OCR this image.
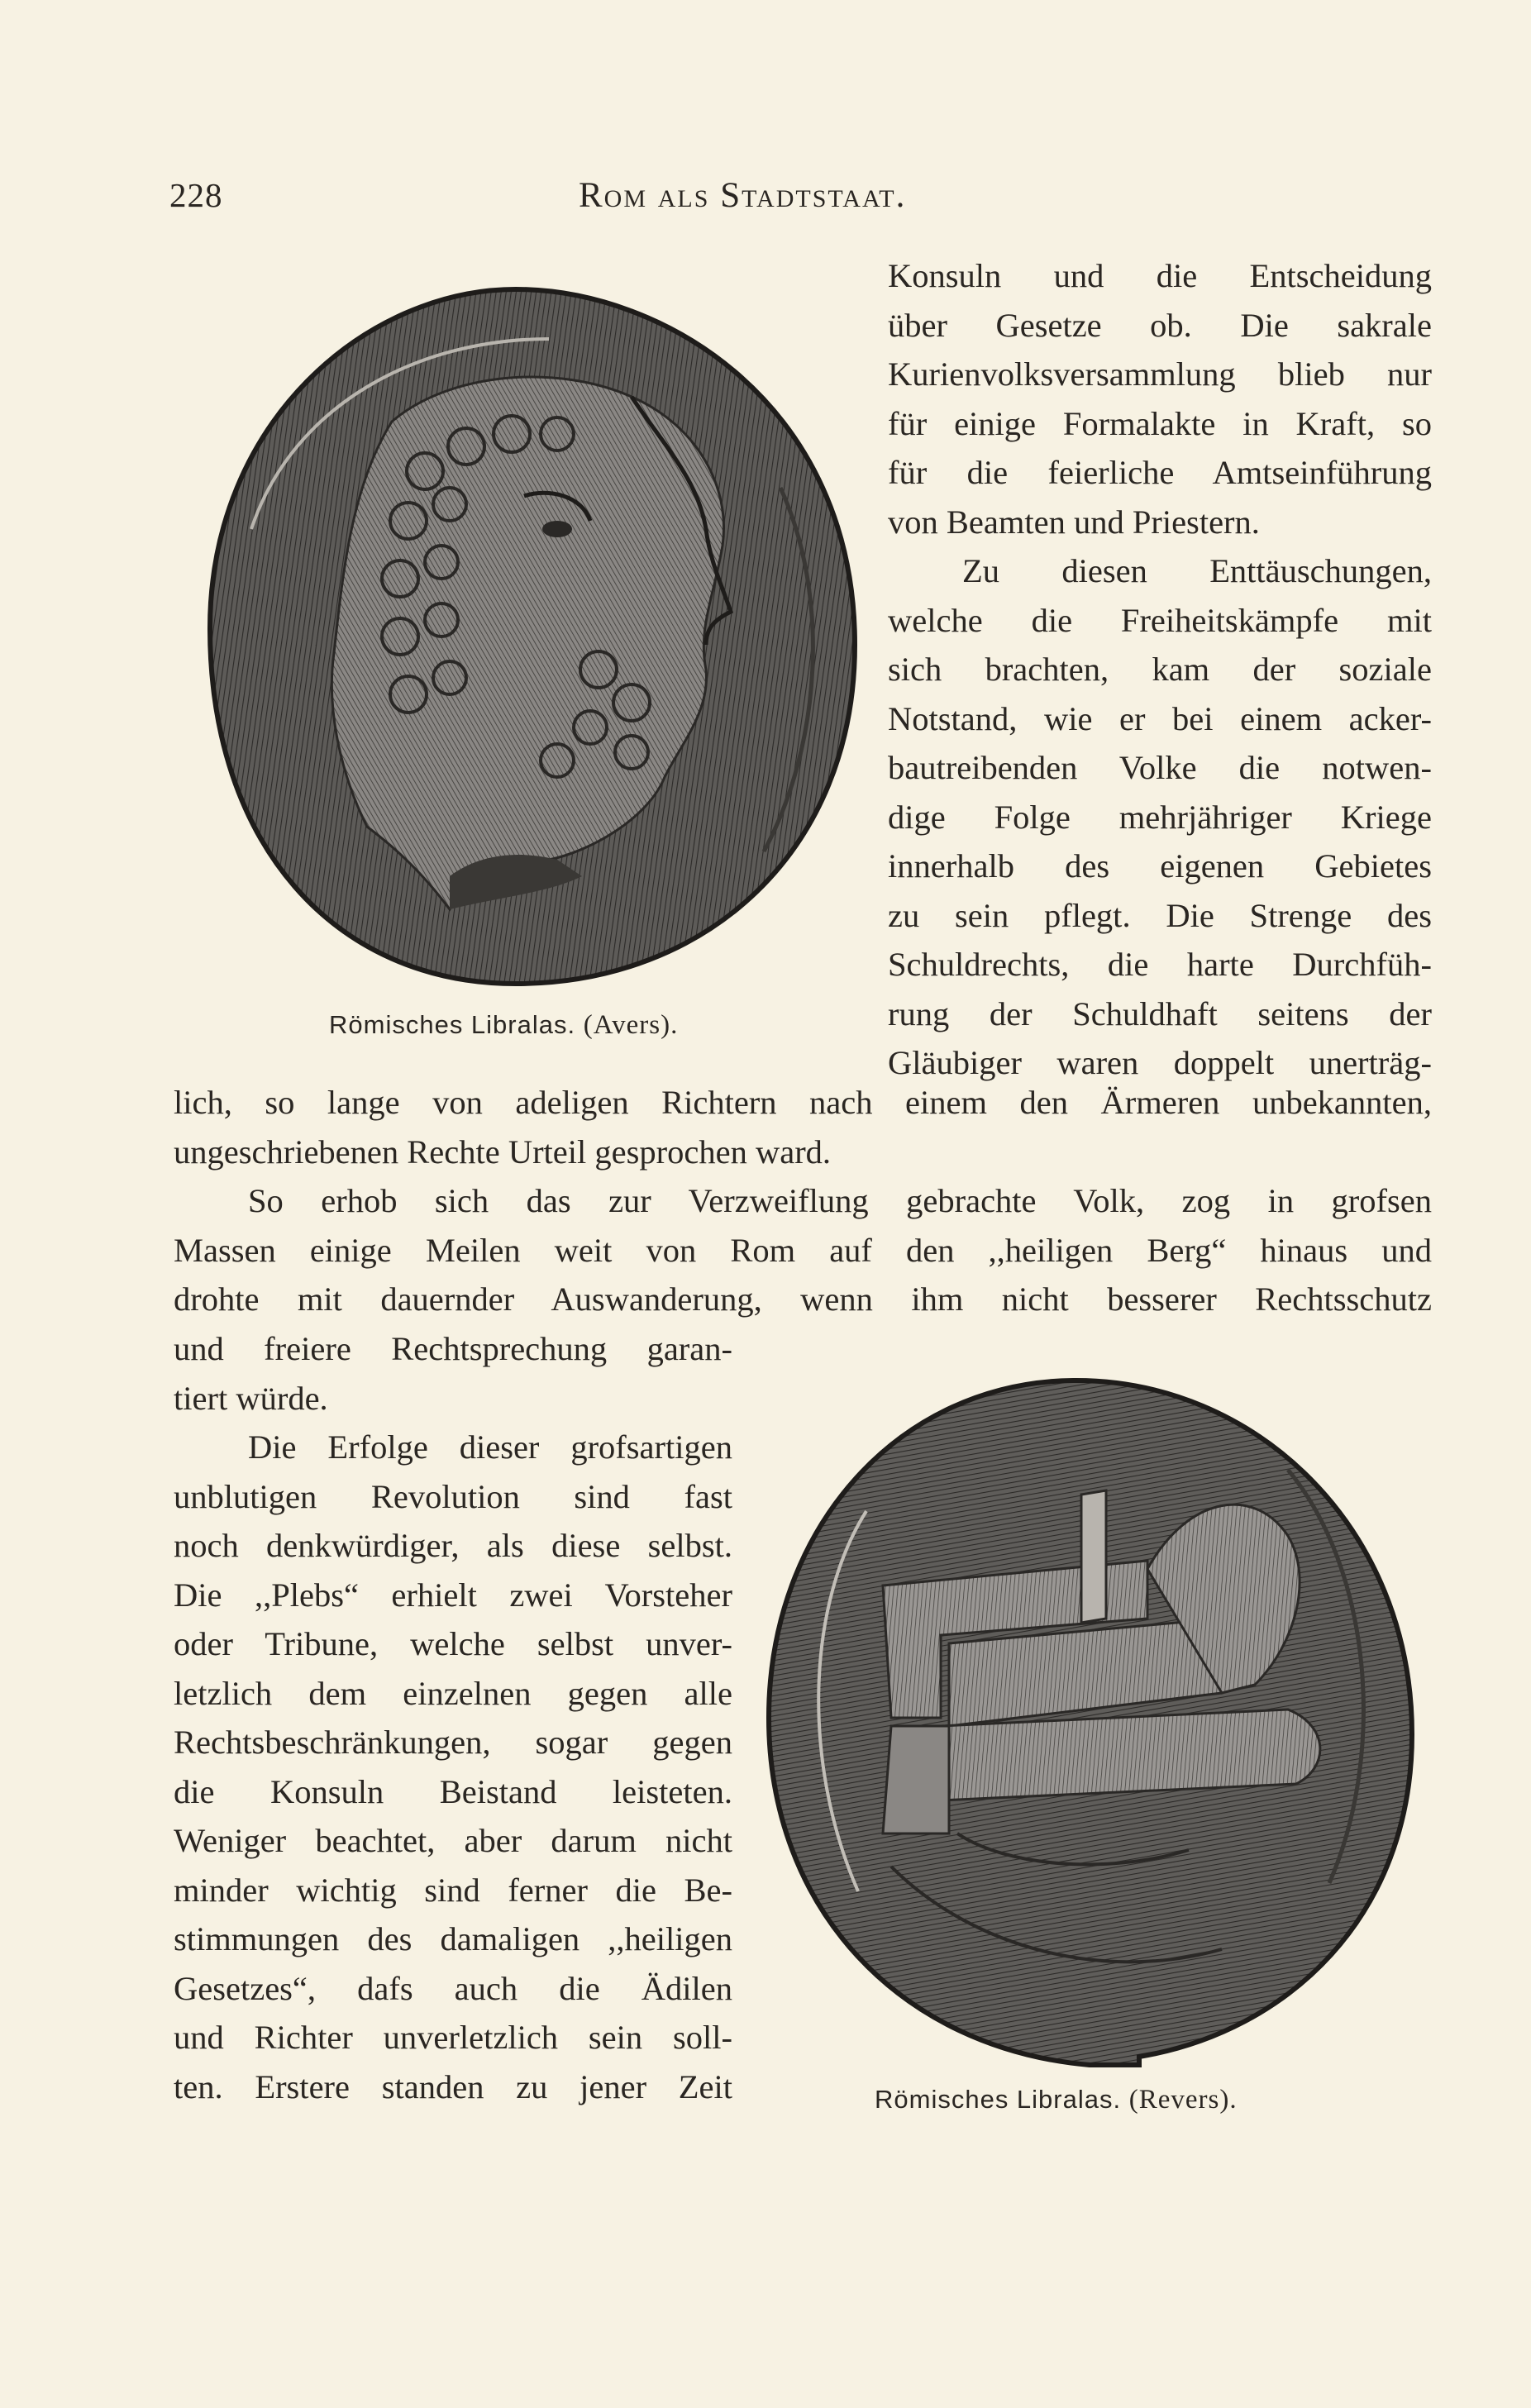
228	Rom als Stadtstaat.
Konsuln und die Entscheidung
über Gesetze ob. Die sakrale
Kurienvolksversammlung blieb nur
für einige Formalakte in Kraft, so
für die feierliche Amtseinführung
von Beamten und Priestern.
Zu diesen Enttäuschungen,
welche die Freiheitskämpfe mit
sich brachten, kam der soziale
Notstand, wie er bei einem acker-
bautreibenden Volke die notwen-
dige Folge mehrjähriger Kriege
innerhalb des eigenen Gebietes
zu sein pflegt. Die Strenge des
Schuldrechts, die harte Durchfüh-
rung der Schuldhaft seitens der
Gläubiger waren doppelt unerträg-
Römisches Libralas. (Avers).
lich, so lange von adeligen Richtern nach einem den Ärmeren unbekannten,
ungeschriebenen Rechte Urteil gesprochen ward.
So erhob sich das zur Verzweiflung gebrachte Volk, zog in grofsen
Massen einige Meilen weit von Rom auf den ,,heiligen Berg“ hinaus und
drohte mit dauernder Auswanderung, wenn ihm nicht besserer Rechtsschutz
und freiere Rechtsprechung garan-
tiert würde.
Die Erfolge dieser grofsartigen
unblutigen Revolution sind fast
noch denkwürdiger, als diese selbst.
Die ,,Plebs“ erhielt zwei Vorsteher
oder Tribune, welche selbst unver-
letzlich dem einzelnen gegen alle
Rechtsbeschränkungen, sogar gegen
die Konsuln Beistand leisteten.
Weniger beachtet, aber darum nicht
minder wichtig sind ferner die Be-
stimmungen des damaligen ,,heiligen
Gesetzes“, dafs auch die Ädilen
und Richter unverletzlich sein soll-
ten. Erstere standen zu jener Zeit	Römisches Libralas. (Revers).
